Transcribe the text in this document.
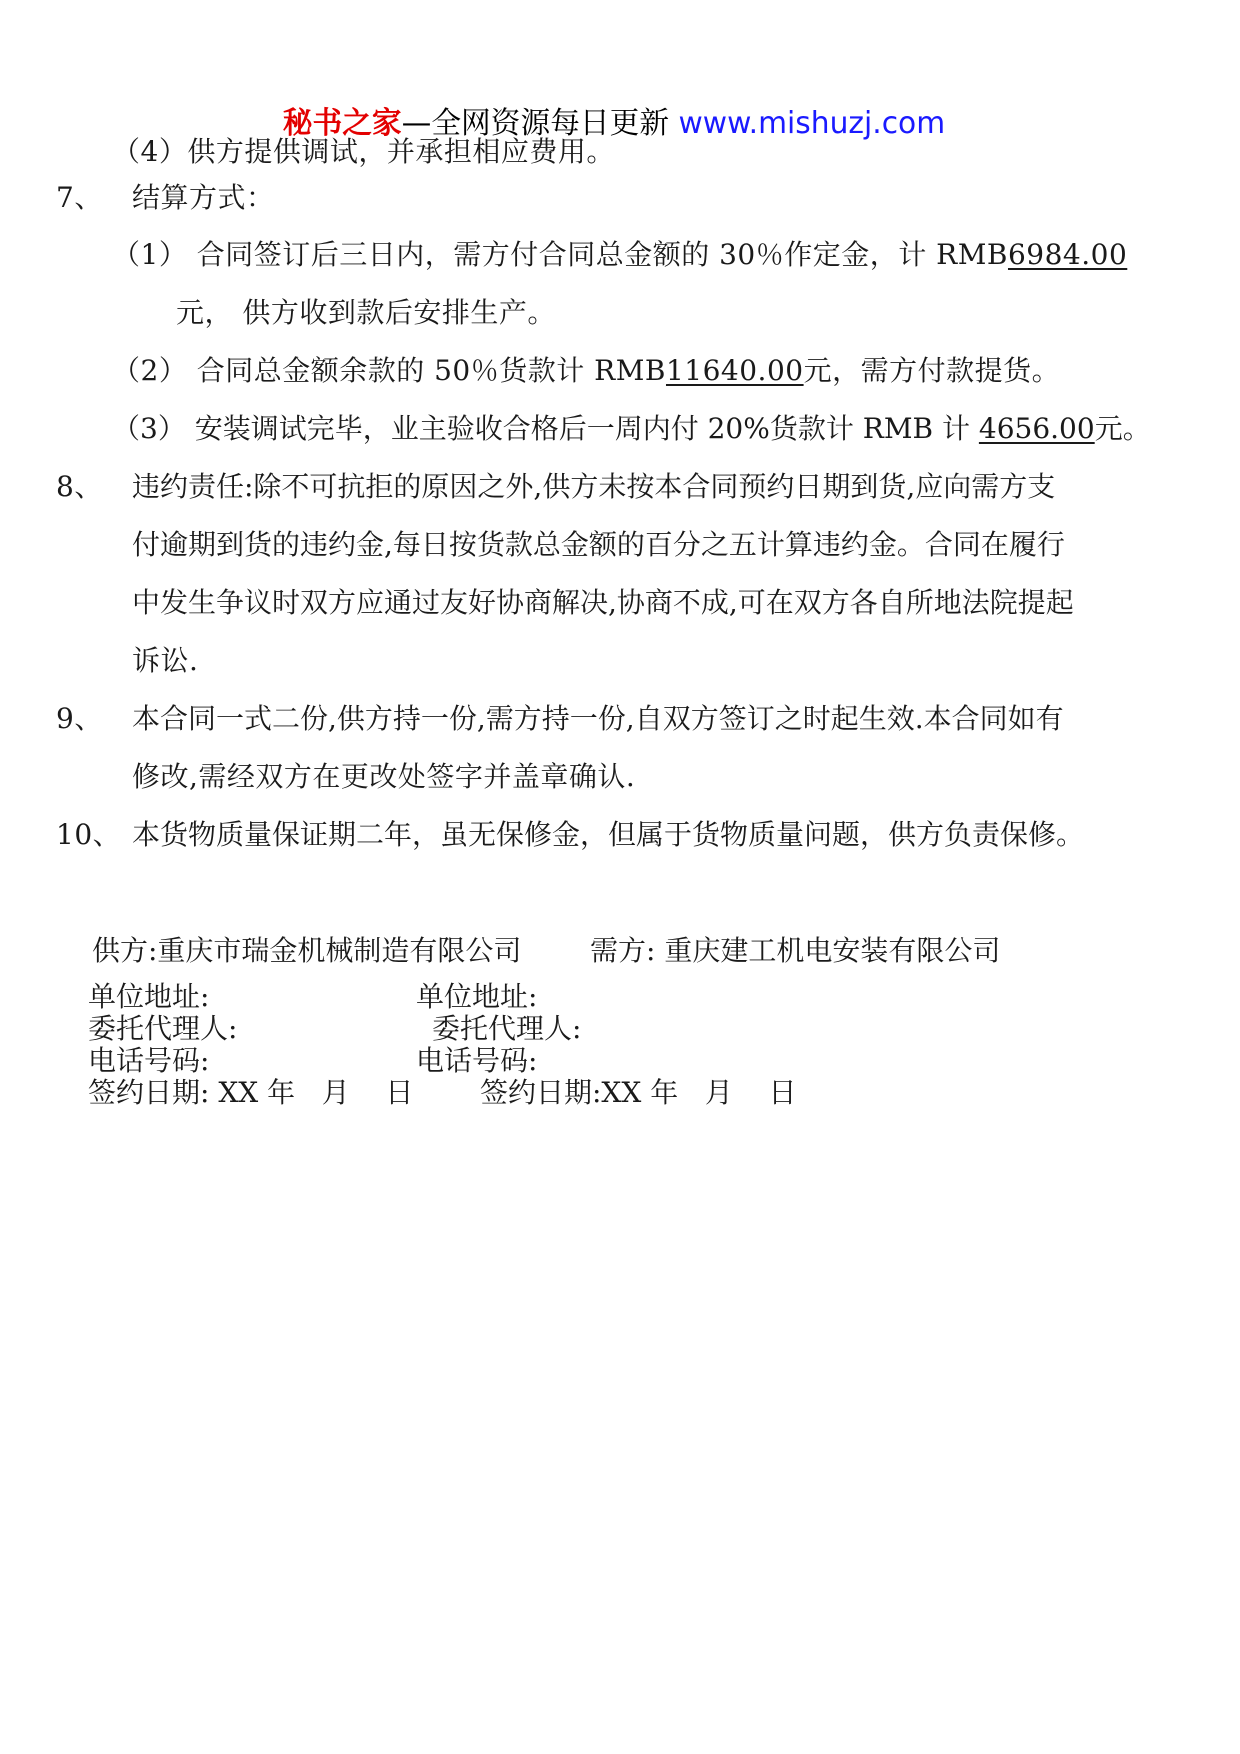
秘书之家—全网资源每日更新 www.mishuzj.com
（4）供方提供调试，并承担相应费用。
7、 结算方式：
（1） 合同签订后三日内，需方付合同总金额的 30％作定金，计 RMB6984.00
元， 供方收到款后安排生产。
（2） 合同总金额余款的 50％货款计 RMB11640.00元，需方付款提货。
（3） 安装调试完毕，业主验收合格后一周内付 20%货款计 RMB 计 4656.00元。
8、 违约责任:除不可抗拒的原因之外,供方未按本合同预约日期到货,应向需方支
付逾期到货的违约金,每日按货款总金额的百分之五计算违约金。合同在履行
中发生争议时双方应通过友好协商解决,协商不成,可在双方各自所地法院提起
诉讼.
9、 本合同一式二份,供方持一份,需方持一份,自双方签订之时起生效.本合同如有
修改,需经双方在更改处签字并盖章确认.
10、 本货物质量保证期二年，虽无保修金，但属于货物质量问题，供方负责保修。
供方:重庆市瑞金机械制造有限公司 需方: 重庆建工机电安装有限公司
单位地址:	单位地址:
委托代理人:	委托代理人:
电话号码:	电话号码:
签约日期: XX 年   月    日 签约日期:XX 年   月    日
